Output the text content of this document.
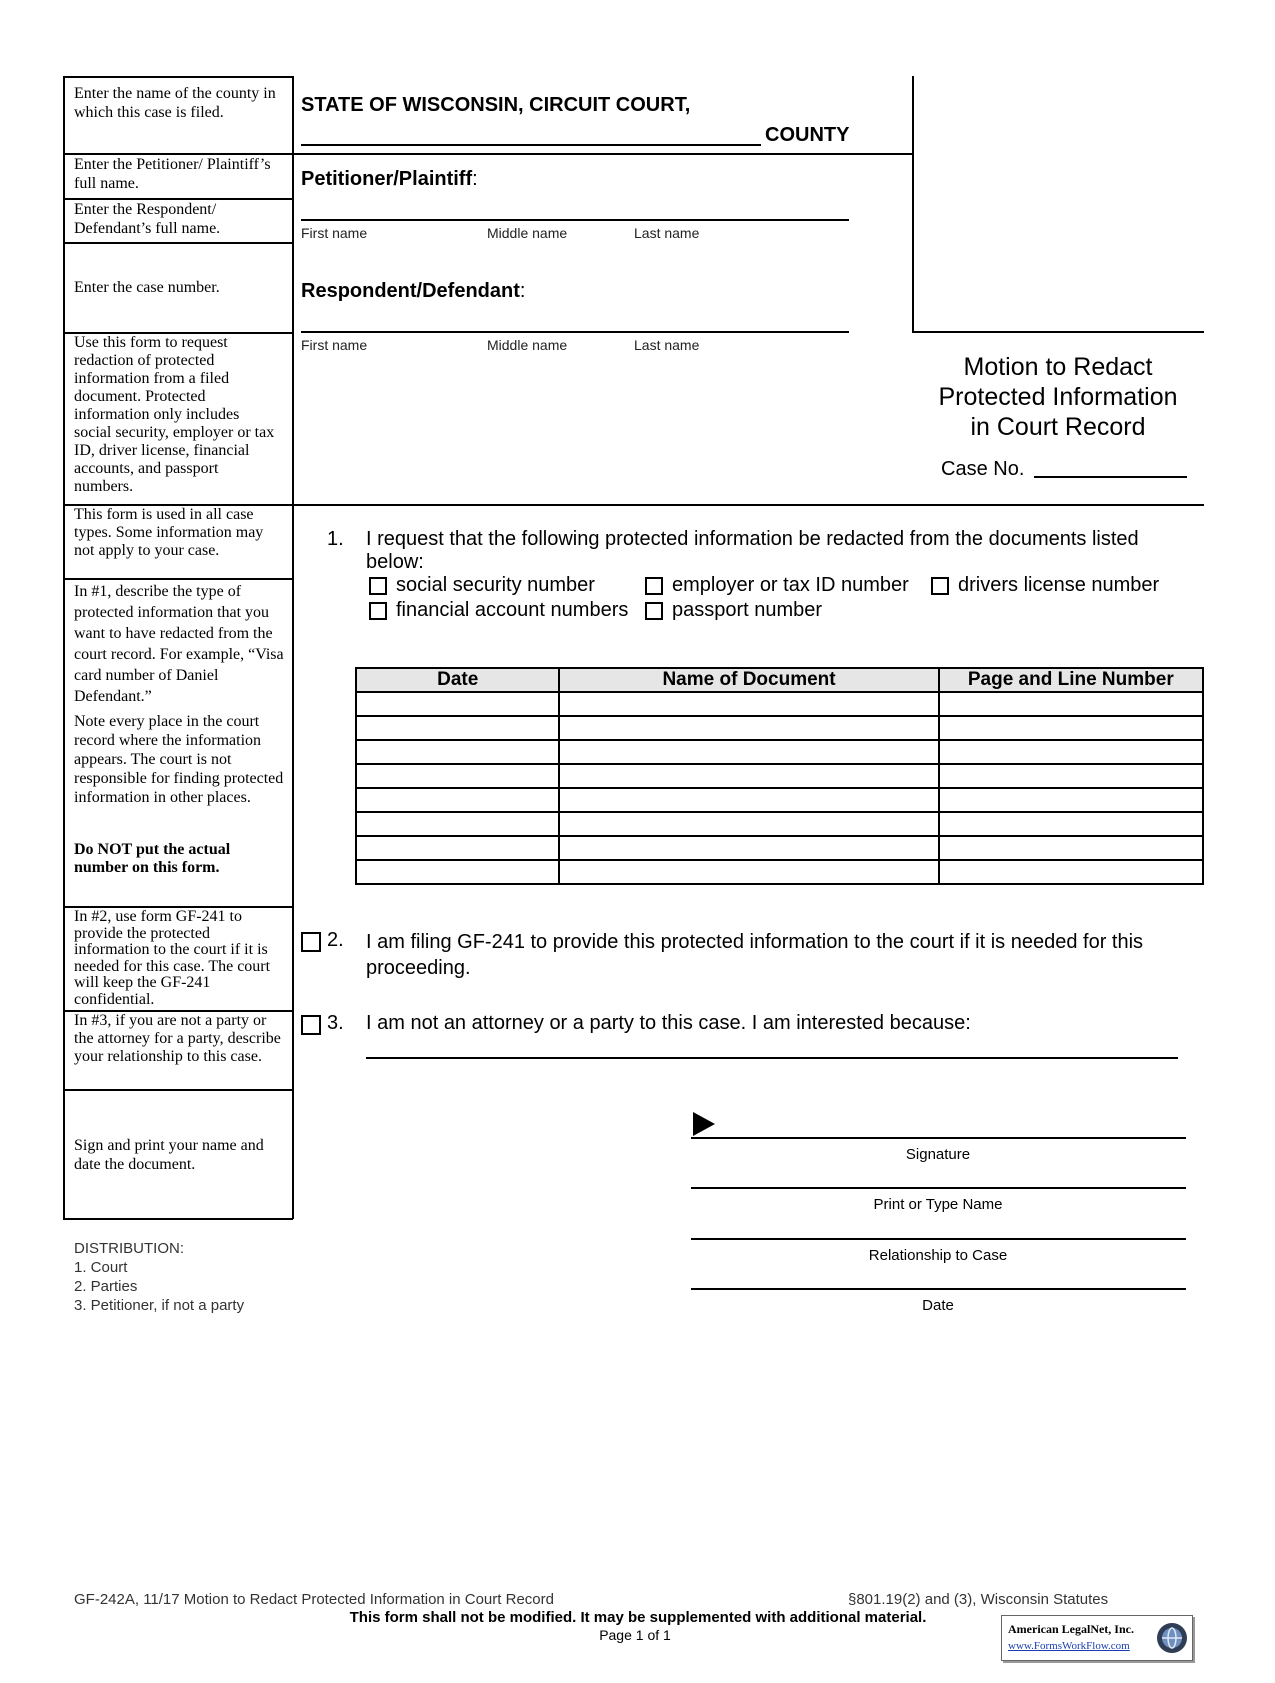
Enter the name of the county in which this case is filed.
Enter the Petitioner/ Plaintiff’s full name.
Enter the Respondent/ Defendant’s full name.
Enter the case number.
Use this form to request redaction of protected information from a filed document. Protected information only includes social security, employer or tax ID, driver license, financial accounts, and passport numbers.
This form is used in all case types. Some information may not apply to your case.
In #1, describe the type of protected information that you want to have redacted from the court record. For example, “Visa card number of Daniel Defendant.”
Note every place in the court record where the information appears. The court is not responsible for finding protected information in other places.
Do NOT put the actual number on this form.
In #2, use form GF-241 to provide the protected information to the court if it is needed for this case. The court will keep the GF-241 confidential.
In #3, if you are not a party or the attorney for a party, describe your relationship to this case.
Sign and print your name and date the document.
STATE OF WISCONSIN, CIRCUIT COURT,
COUNTY
Petitioner/Plaintiff:
First name	Middle name	Last name
Respondent/Defendant:
First name	Middle name	Last name
Motion to Redact
Protected Information
in Court Record
Case No.
1. I request that the following protected information be redacted from the documents listed
below:
social security number	employer or tax ID number drivers license number
financial account numbers passport number
Date	Name of Document	Page and Line Number

2. I am filing GF-241 to provide this protected information to the court if it is needed for this
proceeding.
3. I am not an attorney or a party to this case. I am interested because:
Signature
Print or Type Name
Relationship to Case
Date
DISTRIBUTION:
1. Court
2. Parties
3. Petitioner, if not a party
GF-242A, 11/17 Motion to Redact Protected Information in Court Record	§801.19(2) and (3), Wisconsin Statutes
This form shall not be modified. It may be supplemented with additional material.
Page 1 of 1	American LegalNet, Inc.
www.FormsWorkFlow.com
